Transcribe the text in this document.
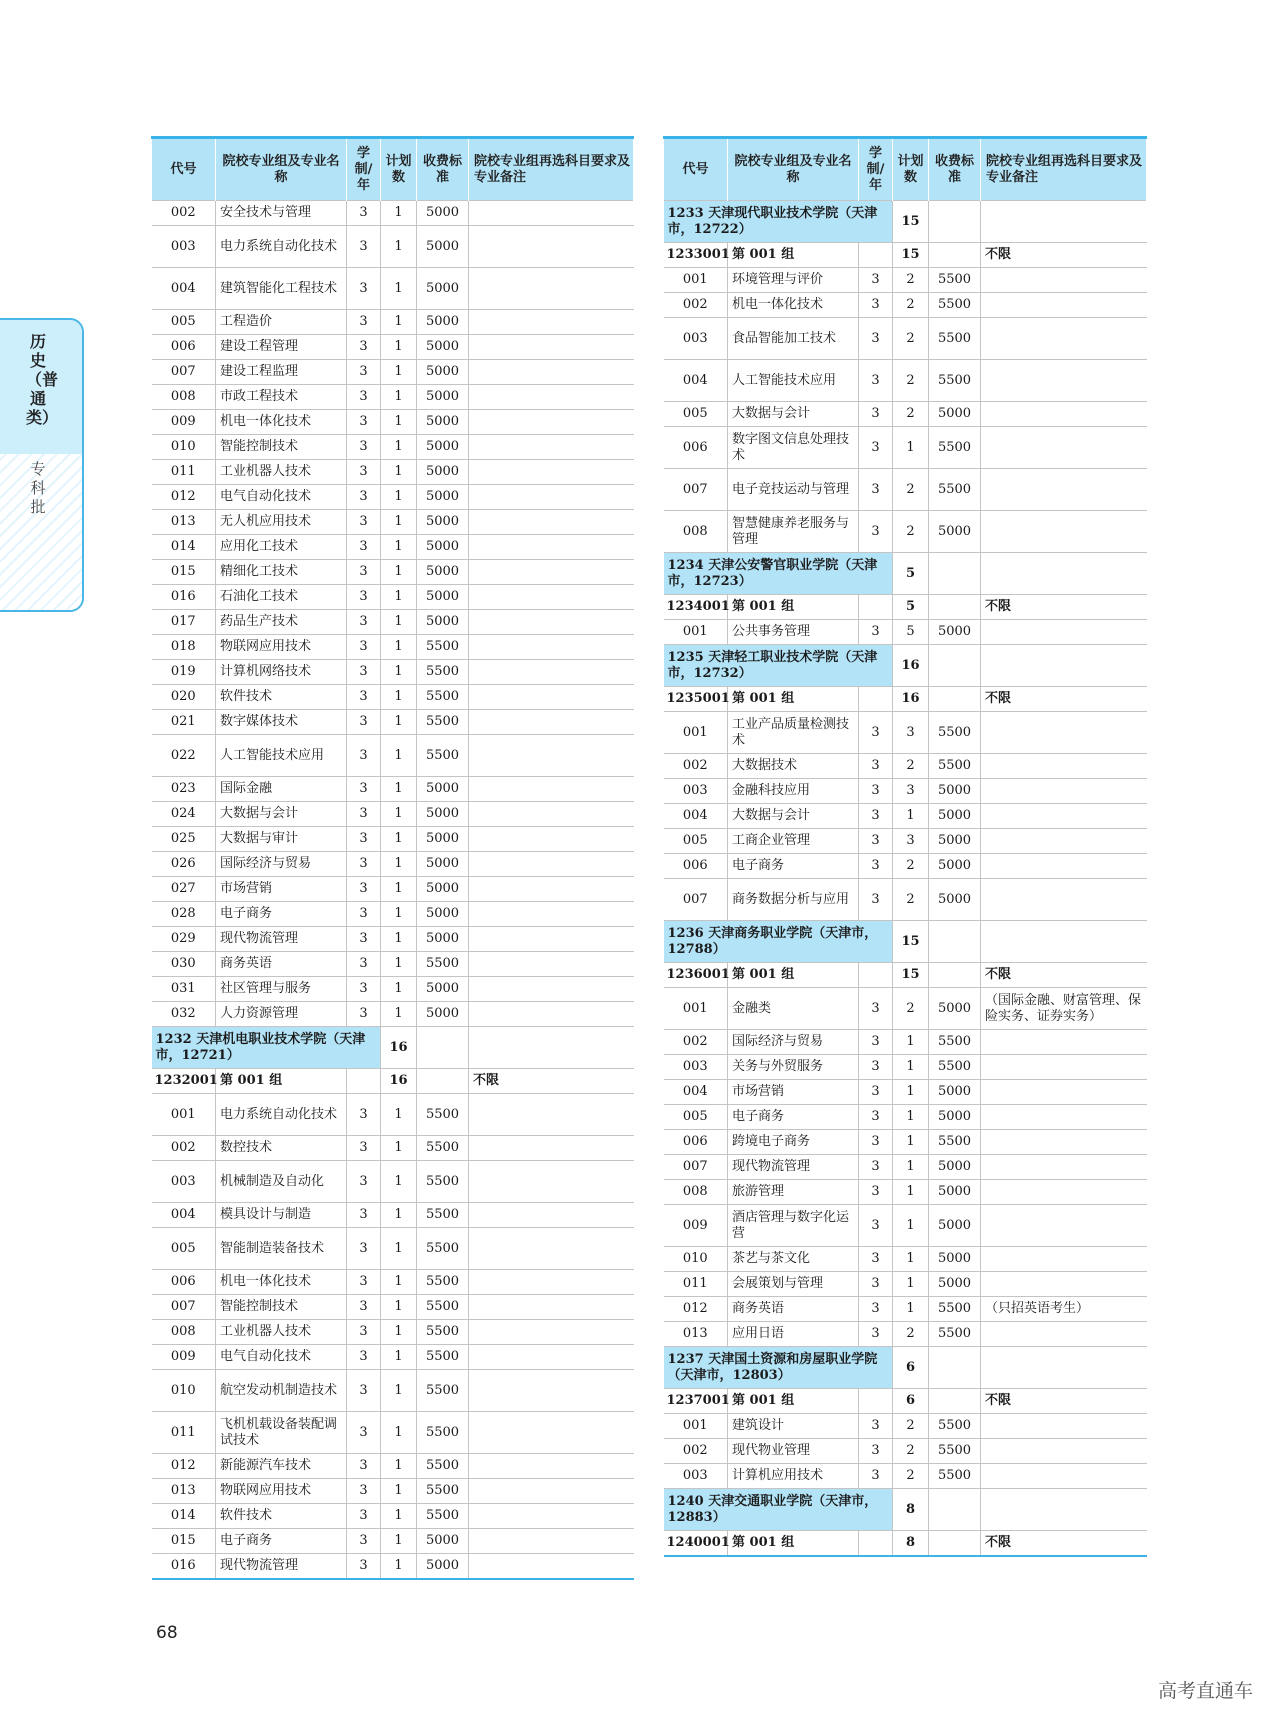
历史（普通类）
专科批
代号	院校专业组及专业名称	学制/年	计划数	收费标准	院校专业组再选科目要求及专业备注
002	安全技术与管理	3	1	5000	
003	电力系统自动化技术	3	1	5000	
004	建筑智能化工程技术	3	1	5000	
005	工程造价	3	1	5000	
006	建设工程管理	3	1	5000	
007	建设工程监理	3	1	5000	
008	市政工程技术	3	1	5000	
009	机电一体化技术	3	1	5000	
010	智能控制技术	3	1	5000	
011	工业机器人技术	3	1	5000	
012	电气自动化技术	3	1	5000	
013	无人机应用技术	3	1	5000	
014	应用化工技术	3	1	5000	
015	精细化工技术	3	1	5000	
016	石油化工技术	3	1	5000	
017	药品生产技术	3	1	5000	
018	物联网应用技术	3	1	5500	
019	计算机网络技术	3	1	5500	
020	软件技术	3	1	5500	
021	数字媒体技术	3	1	5500	
022	人工智能技术应用	3	1	5500	
023	国际金融	3	1	5000	
024	大数据与会计	3	1	5000	
025	大数据与审计	3	1	5000	
026	国际经济与贸易	3	1	5000	
027	市场营销	3	1	5000	
028	电子商务	3	1	5000	
029	现代物流管理	3	1	5000	
030	商务英语	3	1	5500	
031	社区管理与服务	3	1	5000	
032	人力资源管理	3	1	5000	
1232 天津机电职业技术学院（天津市，12721）			16		
1232001	第 001 组		16		不限
001	电力系统自动化技术	3	1	5500	
002	数控技术	3	1	5500	
003	机械制造及自动化	3	1	5500	
004	模具设计与制造	3	1	5500	
005	智能制造装备技术	3	1	5500	
006	机电一体化技术	3	1	5500	
007	智能控制技术	3	1	5500	
008	工业机器人技术	3	1	5500	
009	电气自动化技术	3	1	5500	
010	航空发动机制造技术	3	1	5500	
011	飞机机载设备装配调试技术	3	1	5500	
012	新能源汽车技术	3	1	5500	
013	物联网应用技术	3	1	5500	
014	软件技术	3	1	5500	
015	电子商务	3	1	5000	
016	现代物流管理	3	1	5000	
代号	院校专业组及专业名称	学制/年	计划数	收费标准	院校专业组再选科目要求及专业备注
1233 天津现代职业技术学院（天津市，12722）			15		
1233001	第 001 组		15		不限
001	环境管理与评价	3	2	5500	
002	机电一体化技术	3	2	5500	
003	食品智能加工技术	3	2	5500	
004	人工智能技术应用	3	2	5500	
005	大数据与会计	3	2	5000	
006	数字图文信息处理技术	3	1	5500	
007	电子竞技运动与管理	3	2	5500	
008	智慧健康养老服务与管理	3	2	5000	
1234 天津公安警官职业学院（天津市，12723）			5		
1234001	第 001 组		5		不限
001	公共事务管理	3	5	5000	
1235 天津轻工职业技术学院（天津市，12732）			16		
1235001	第 001 组		16		不限
001	工业产品质量检测技术	3	3	5500	
002	大数据技术	3	2	5500	
003	金融科技应用	3	3	5000	
004	大数据与会计	3	1	5000	
005	工商企业管理	3	3	5000	
006	电子商务	3	2	5000	
007	商务数据分析与应用	3	2	5000	
1236 天津商务职业学院（天津市，12788）			15		
1236001	第 001 组		15		不限
001	金融类	3	2	5000	（国际金融、财富管理、保险实务、证券实务）
002	国际经济与贸易	3	1	5500	
003	关务与外贸服务	3	1	5500	
004	市场营销	3	1	5000	
005	电子商务	3	1	5000	
006	跨境电子商务	3	1	5500	
007	现代物流管理	3	1	5000	
008	旅游管理	3	1	5000	
009	酒店管理与数字化运营	3	1	5000	
010	茶艺与茶文化	3	1	5000	
011	会展策划与管理	3	1	5000	
012	商务英语	3	1	5500	（只招英语考生）
013	应用日语	3	2	5500	
1237 天津国土资源和房屋职业学院（天津市，12803）			6		
1237001	第 001 组		6		不限
001	建筑设计	3	2	5500	
002	现代物业管理	3	2	5500	
003	计算机应用技术	3	2	5500	
1240 天津交通职业学院（天津市，12883）			8		
1240001	第 001 组		8		不限
68
高考直通车
